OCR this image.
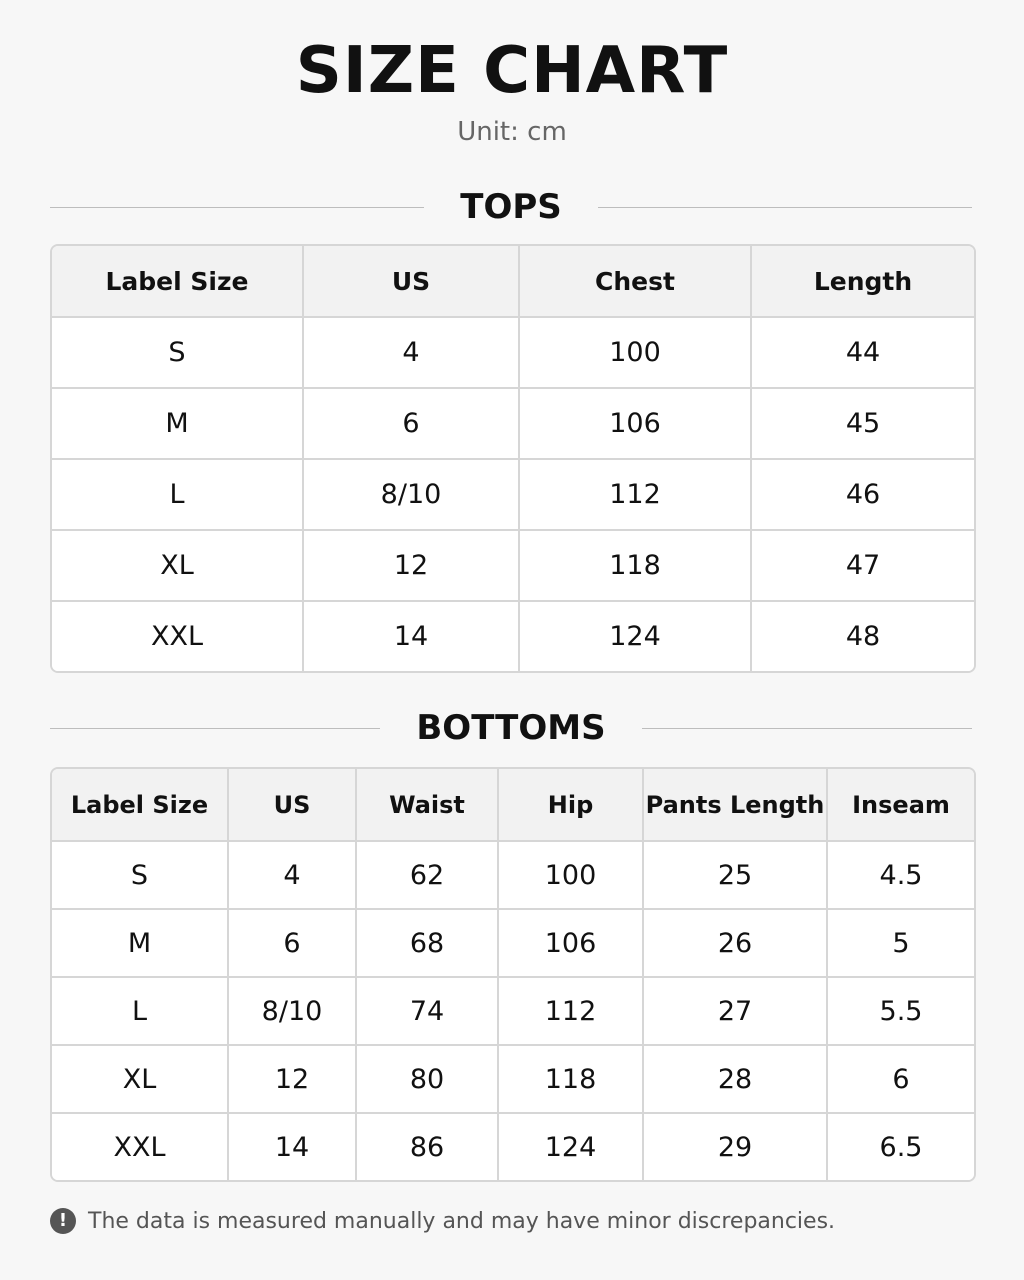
SIZE CHART
Unit: cm
TOPS
Label Size	US	Chest	Length
S	4	100	44
M	6	106	45
L	8/10	112	46
XL	12	118	47
XXL	14	124	48
BOTTOMS
Label Size	US	Waist	Hip	Pants Length	Inseam
S	4	62	100	25	4.5
M	6	68	106	26	5
L	8/10	74	112	27	5.5
XL	12	80	118	28	6
XXL	14	86	124	29	6.5
! The data is measured manually and may have minor discrepancies.
